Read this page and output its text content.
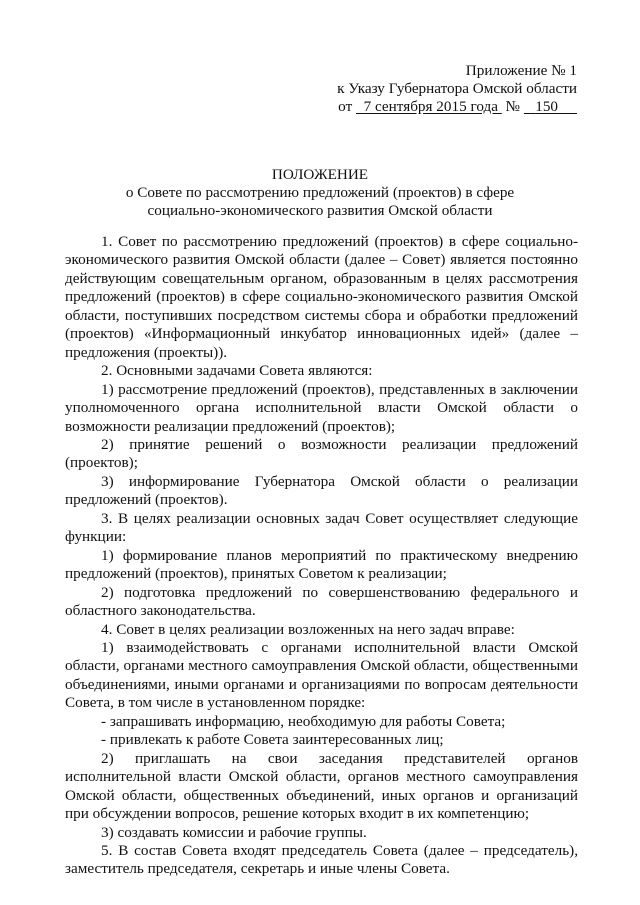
Приложение № 1
к Указу Губернатора Омской области
от 7 сентября 2015 года № 150
ПОЛОЖЕНИЕ
о Совете по рассмотрению предложений (проектов) в сфере
социально-экономического развития Омской области

1. Совет по рассмотрению предложений (проектов) в сфере социально-экономического развития Омской области (далее – Совет) является постоянно действующим совещательным органом, образованным в целях рассмотрения предложений (проектов) в сфере социально-экономического развития Омской области, поступивших посредством системы сбора и обработки предложений (проектов) «Информационный инкубатор инновационных идей» (далее – предложения (проекты)).

2. Основными задачами Совета являются:

1) рассмотрение предложений (проектов), представленных в заключении уполномоченного органа исполнительной власти Омской области о возможности реализации предложений (проектов);

2) принятие решений о возможности реализации предложений (проектов);

3) информирование Губернатора Омской области о реализации предложений (проектов).

3. В целях реализации основных задач Совет осуществляет следующие функции:

1) формирование планов мероприятий по практическому внедрению предложений (проектов), принятых Советом к реализации;

2) подготовка предложений по совершенствованию федерального и областного законодательства.

4. Совет в целях реализации возложенных на него задач вправе:

1) взаимодействовать с органами исполнительной власти Омской области, органами местного самоуправления Омской области, общественными объединениями, иными органами и организациями по вопросам деятельности Совета, в том числе в установленном порядке:

- запрашивать информацию, необходимую для работы Совета;

- привлекать к работе Совета заинтересованных лиц;

2) приглашать на свои заседания представителей органов исполнительной власти Омской области, органов местного самоуправления Омской области, общественных объединений, иных органов и организаций при обсуждении вопросов, решение которых входит в их компетенцию;

3) создавать комиссии и рабочие группы.

5. В состав Совета входят председатель Совета (далее – председатель), заместитель председателя, секретарь и иные члены Совета.
